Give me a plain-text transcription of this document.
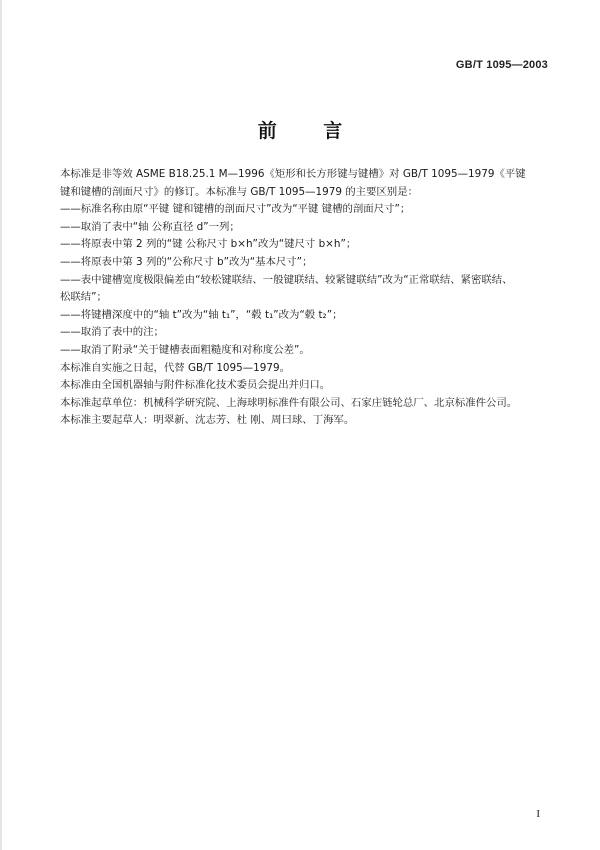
GB/T 1095—2003
前 言

本标准是非等效 ASME B18.25.1 M—1996《矩形和长方形键与键槽》对 GB/T 1095—1979《平键

键和键槽的剖面尺寸》的修订。本标准与 GB/T 1095—1979 的主要区别是：

——标准名称由原“平键 键和键槽的剖面尺寸”改为“平键 键槽的剖面尺寸”；

——取消了表中“轴 公称直径 d”一列；

——将原表中第 2 列的“键 公称尺寸 b×h”改为“键尺寸 b×h”；

——将原表中第 3 列的“公称尺寸 b”改为“基本尺寸”；

——表中键槽宽度极限偏差由“较松键联结、一般键联结、较紧键联结”改为“正常联结、紧密联结、

松联结”；

——将键槽深度中的“轴 t”改为“轴 t₁”，“毂 t₁”改为“毂 t₂”；

——取消了表中的注；

——取消了附录“关于键槽表面粗糙度和对称度公差”。

本标准自实施之日起，代替 GB/T 1095—1979。

本标准由全国机器轴与附件标准化技术委员会提出并归口。

本标准起草单位：机械科学研究院、上海球明标准件有限公司、石家庄链轮总厂、北京标准件公司。

本标准主要起草人：明翠新、沈志芳、杜 刚、周曰球、丁海军。

I
